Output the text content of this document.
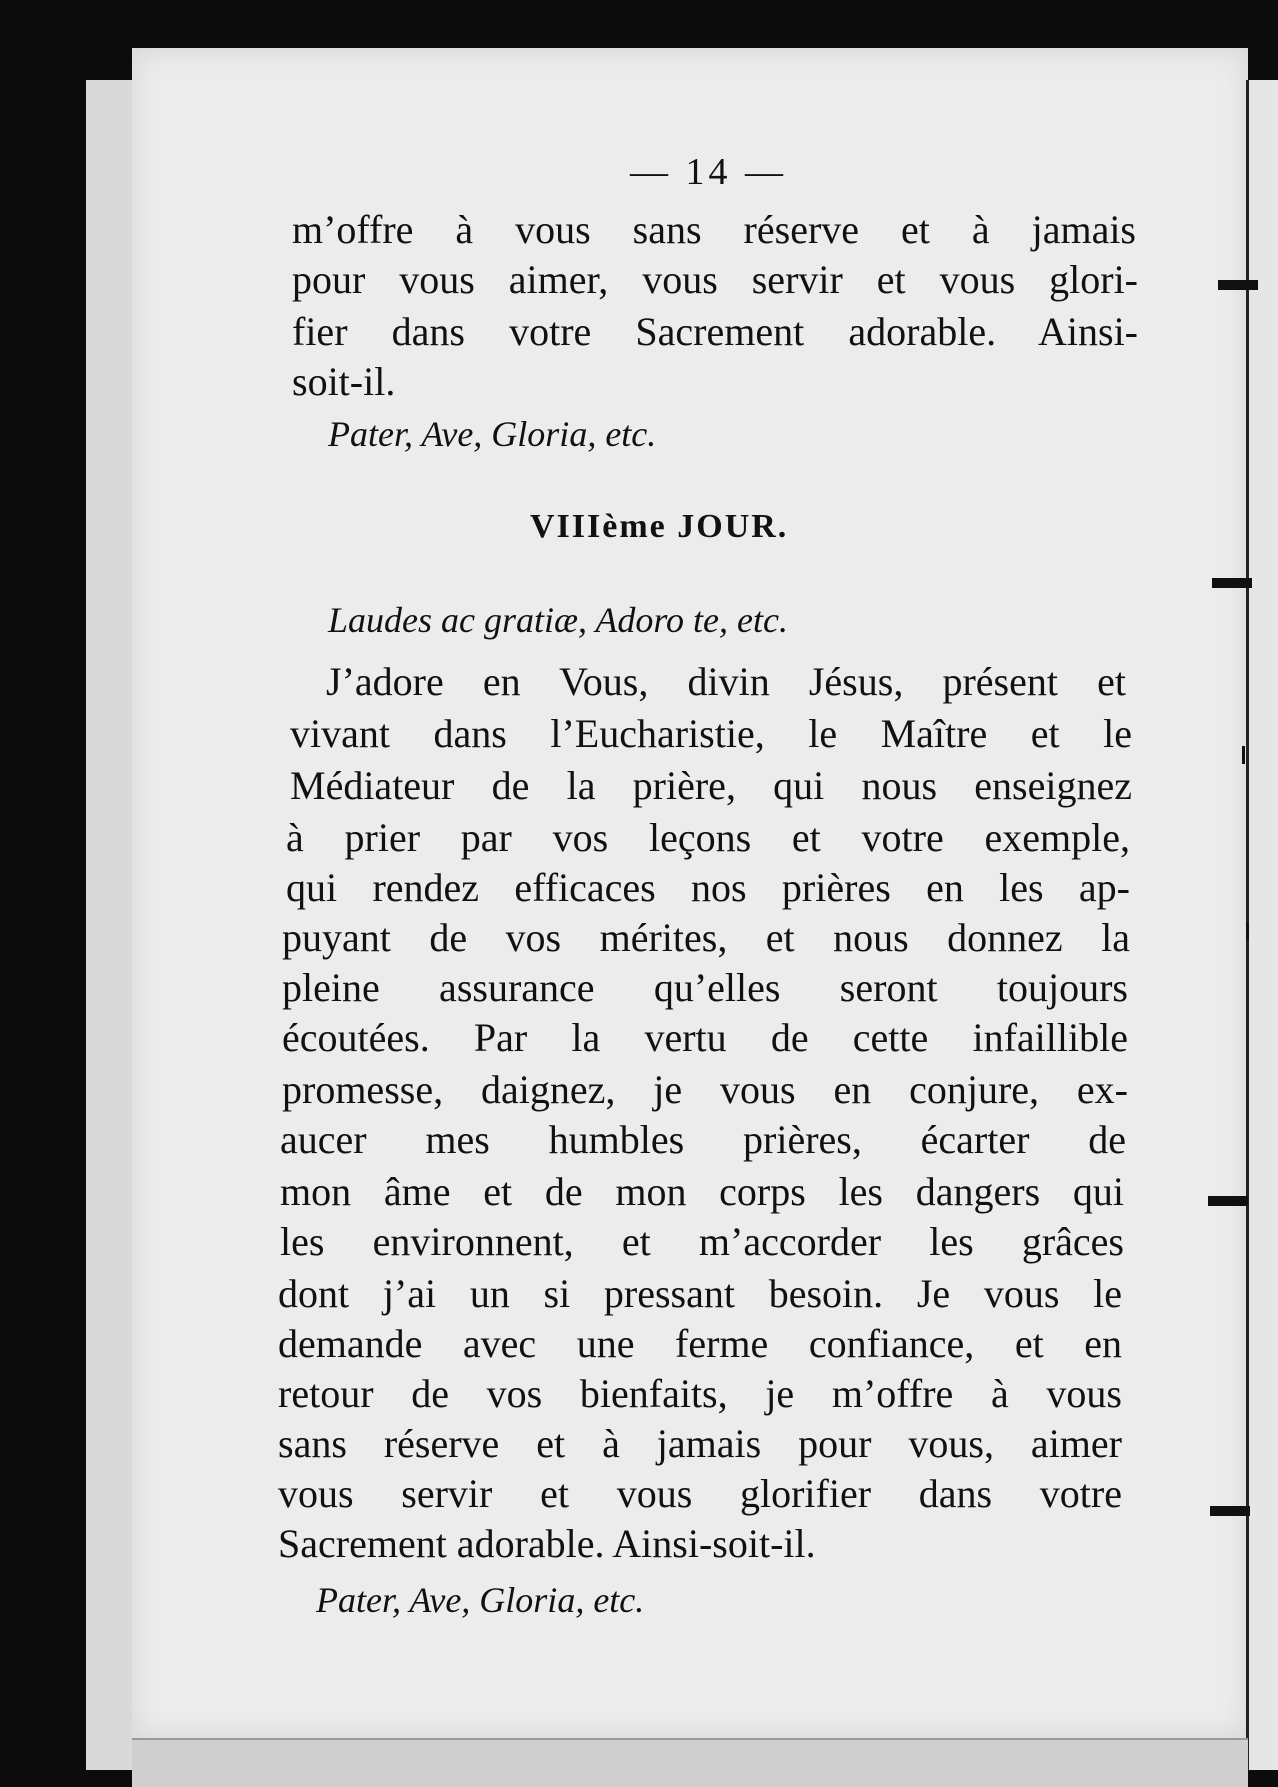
— 14 —
m’offre à vous sans réserve et à jamais
pour vous aimer, vous servir et vous glori-
fier dans votre Sacrement adorable. Ainsi-
soit-il.
Pater, Ave, Gloria, etc.
VIIIème JOUR.
Laudes ac gratiæ, Adoro te, etc.
J’adore en Vous, divin Jésus, présent et
vivant dans l’Eucharistie, le Maître et le
Médiateur de la prière, qui nous enseignez
à prier par vos leçons et votre exemple,
qui rendez efficaces nos prières en les ap-
puyant de vos mérites, et nous donnez la
pleine assurance qu’elles seront toujours
écoutées. Par la vertu de cette infaillible
promesse, daignez, je vous en conjure, ex-
aucer mes humbles prières, écarter de
mon âme et de mon corps les dangers qui
les environnent, et m’accorder les grâces
dont j’ai un si pressant besoin. Je vous le
demande avec une ferme confiance, et en
retour de vos bienfaits, je m’offre à vous
sans réserve et à jamais pour vous, aimer
vous servir et vous glorifier dans votre
Sacrement adorable. Ainsi-soit-il.
Pater, Ave, Gloria, etc.
